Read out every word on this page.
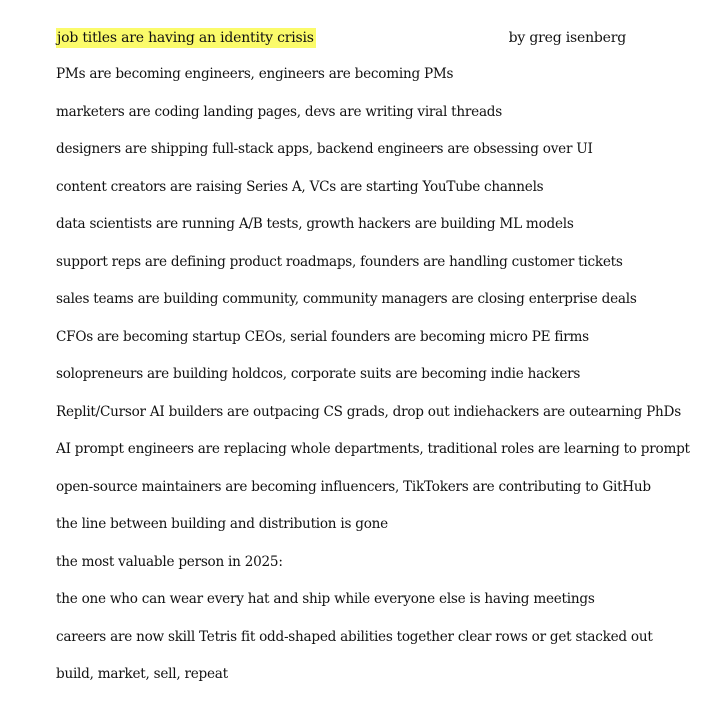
job titles are having an identity crisis	by greg isenberg
PMs are becoming engineers, engineers are becoming PMs
marketers are coding landing pages, devs are writing viral threads
designers are shipping full-stack apps, backend engineers are obsessing over UI
content creators are raising Series A, VCs are starting YouTube channels
data scientists are running A/B tests, growth hackers are building ML models
support reps are defining product roadmaps, founders are handling customer tickets
sales teams are building community, community managers are closing enterprise deals
CFOs are becoming startup CEOs, serial founders are becoming micro PE firms
solopreneurs are building holdcos, corporate suits are becoming indie hackers
Replit/Cursor AI builders are outpacing CS grads, drop out indiehackers are outearning PhDs
AI prompt engineers are replacing whole departments, traditional roles are learning to prompt
open-source maintainers are becoming influencers, TikTokers are contributing to GitHub
the line between building and distribution is gone
the most valuable person in 2025:
the one who can wear every hat and ship while everyone else is having meetings
careers are now skill Tetris fit odd-shaped abilities together clear rows or get stacked out
build, market, sell, repeat
